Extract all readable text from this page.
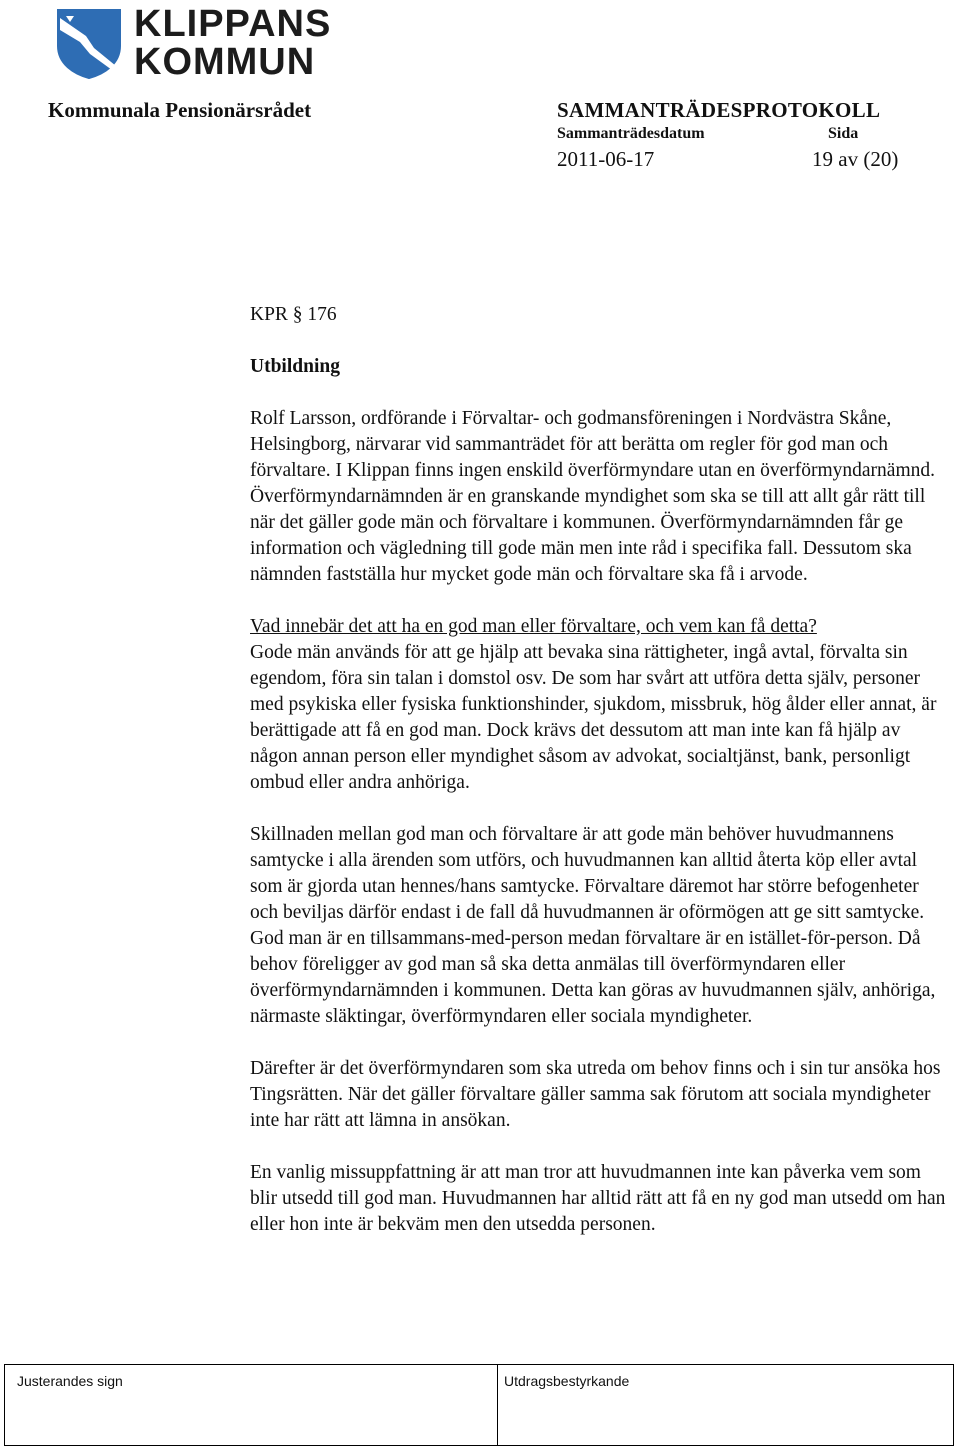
KLIPPANS
KOMMUN
Kommunala Pensionärsrådet	SAMMANTRÄDESPROTOKOLL
Sammanträdesdatum	Sida
2011-06-17	19 av (20)

KPR § 176

Utbildning

Rolf Larsson, ordförande i Förvaltar- och godmansföreningen i Nordvästra Skåne, Helsingborg, närvarar vid sammanträdet för att berätta om regler för god man och förvaltare. I Klippan finns ingen enskild överförmyndare utan en överförmyndarnämnd. Överförmyndarnämnden är en granskande myndighet som ska se till att allt går rätt till när det gäller gode män och förvaltare i kommunen. Överförmyndarnämnden får ge information och vägledning till gode män men inte råd i specifika fall. Dessutom ska nämnden fastställa hur mycket gode män och förvaltare ska få i arvode.

Vad innebär det att ha en god man eller förvaltare, och vem kan få detta?

Gode män används för att ge hjälp att bevaka sina rättigheter, ingå avtal, förvalta sin egendom, föra sin talan i domstol osv. De som har svårt att utföra detta själv, personer med psykiska eller fysiska funktionshinder, sjukdom, missbruk, hög ålder eller annat, är berättigade att få en god man. Dock krävs det dessutom att man inte kan få hjälp av någon annan person eller myndighet såsom av advokat, socialtjänst, bank, personligt ombud eller andra anhöriga.

Skillnaden mellan god man och förvaltare är att gode män behöver huvudmannens samtycke i alla ärenden som utförs, och huvudmannen kan alltid återta köp eller avtal som är gjorda utan hennes/hans samtycke. Förvaltare däremot har större befogenheter och beviljas därför endast i de fall då huvudmannen är oförmögen att ge sitt samtycke. God man är en tillsammans-med-person medan förvaltare är en istället-för-person. Då behov föreligger av god man så ska detta anmälas till överförmyndaren eller överförmyndarnämnden i kommunen. Detta kan göras av huvudmannen själv, anhöriga, närmaste släktingar, överförmyndaren eller sociala myndigheter.

Därefter är det överförmyndaren som ska utreda om behov finns och i sin tur ansöka hos Tingsrätten. När det gäller förvaltare gäller samma sak förutom att sociala myndigheter inte har rätt att lämna in ansökan.

En vanlig missuppfattning är att man tror att huvudmannen inte kan påverka vem som blir utsedd till god man. Huvudmannen har alltid rätt att få en ny god man utsedd om han eller hon inte är bekväm men den utsedda personen.

Justerandes sign	Utdragsbestyrkande
